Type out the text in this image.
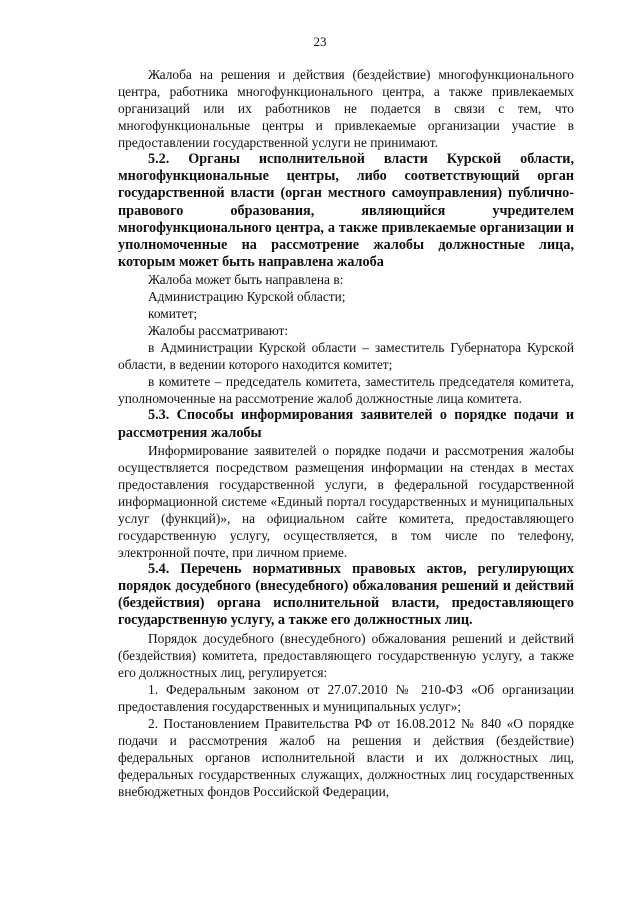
23

Жалоба на решения и действия (бездействие) многофункционального центра, работника многофункционального центра, а также привлекаемых организаций или их работников не подается в связи с тем, что многофункциональные центры и привлекаемые организации участие в предоставлении государственной услуги не принимают.

5.2. Органы исполнительной власти Курской области, многофункциональные центры, либо соответствующий орган государственной власти (орган местного самоуправления) публично-правового образования, являющийся учредителем многофункционального центра, а также привлекаемые организации и уполномоченные на рассмотрение жалобы должностные лица, которым может быть направлена жалоба

Жалоба может быть направлена в:

Администрацию Курской области;

комитет;

Жалобы рассматривают:

в Администрации Курской области – заместитель Губернатора Курской области, в ведении которого находится комитет;

в комитете – председатель комитета, заместитель председателя комитета, уполномоченные на рассмотрение жалоб должностные лица комитета.

5.3. Способы информирования заявителей о порядке подачи и рассмотрения жалобы

Информирование заявителей о порядке подачи и рассмотрения жалобы осуществляется посредством размещения информации на стендах в местах предоставления государственной услуги, в федеральной государственной информационной системе «Единый портал государственных и муниципальных услуг (функций)», на официальном сайте комитета, предоставляющего государственную услугу, осуществляется, в том числе по телефону, электронной почте, при личном приеме.

5.4. Перечень нормативных правовых актов, регулирующих порядок досудебного (внесудебного) обжалования решений и действий (бездействия) органа исполнительной власти, предоставляющего государственную услугу, а также его должностных лиц.

Порядок досудебного (внесудебного) обжалования решений и действий (бездействия) комитета, предоставляющего государственную услугу, а также его должностных лиц, регулируется:

1. Федеральным законом от 27.07.2010 № 210-ФЗ «Об организации предоставления государственных и муниципальных услуг»;

2. Постановлением Правительства РФ от 16.08.2012 № 840 «О порядке подачи и рассмотрения жалоб на решения и действия (бездействие) федеральных органов исполнительной власти и их должностных лиц, федеральных государственных служащих, должностных лиц государственных внебюджетных фондов Российской Федерации,
